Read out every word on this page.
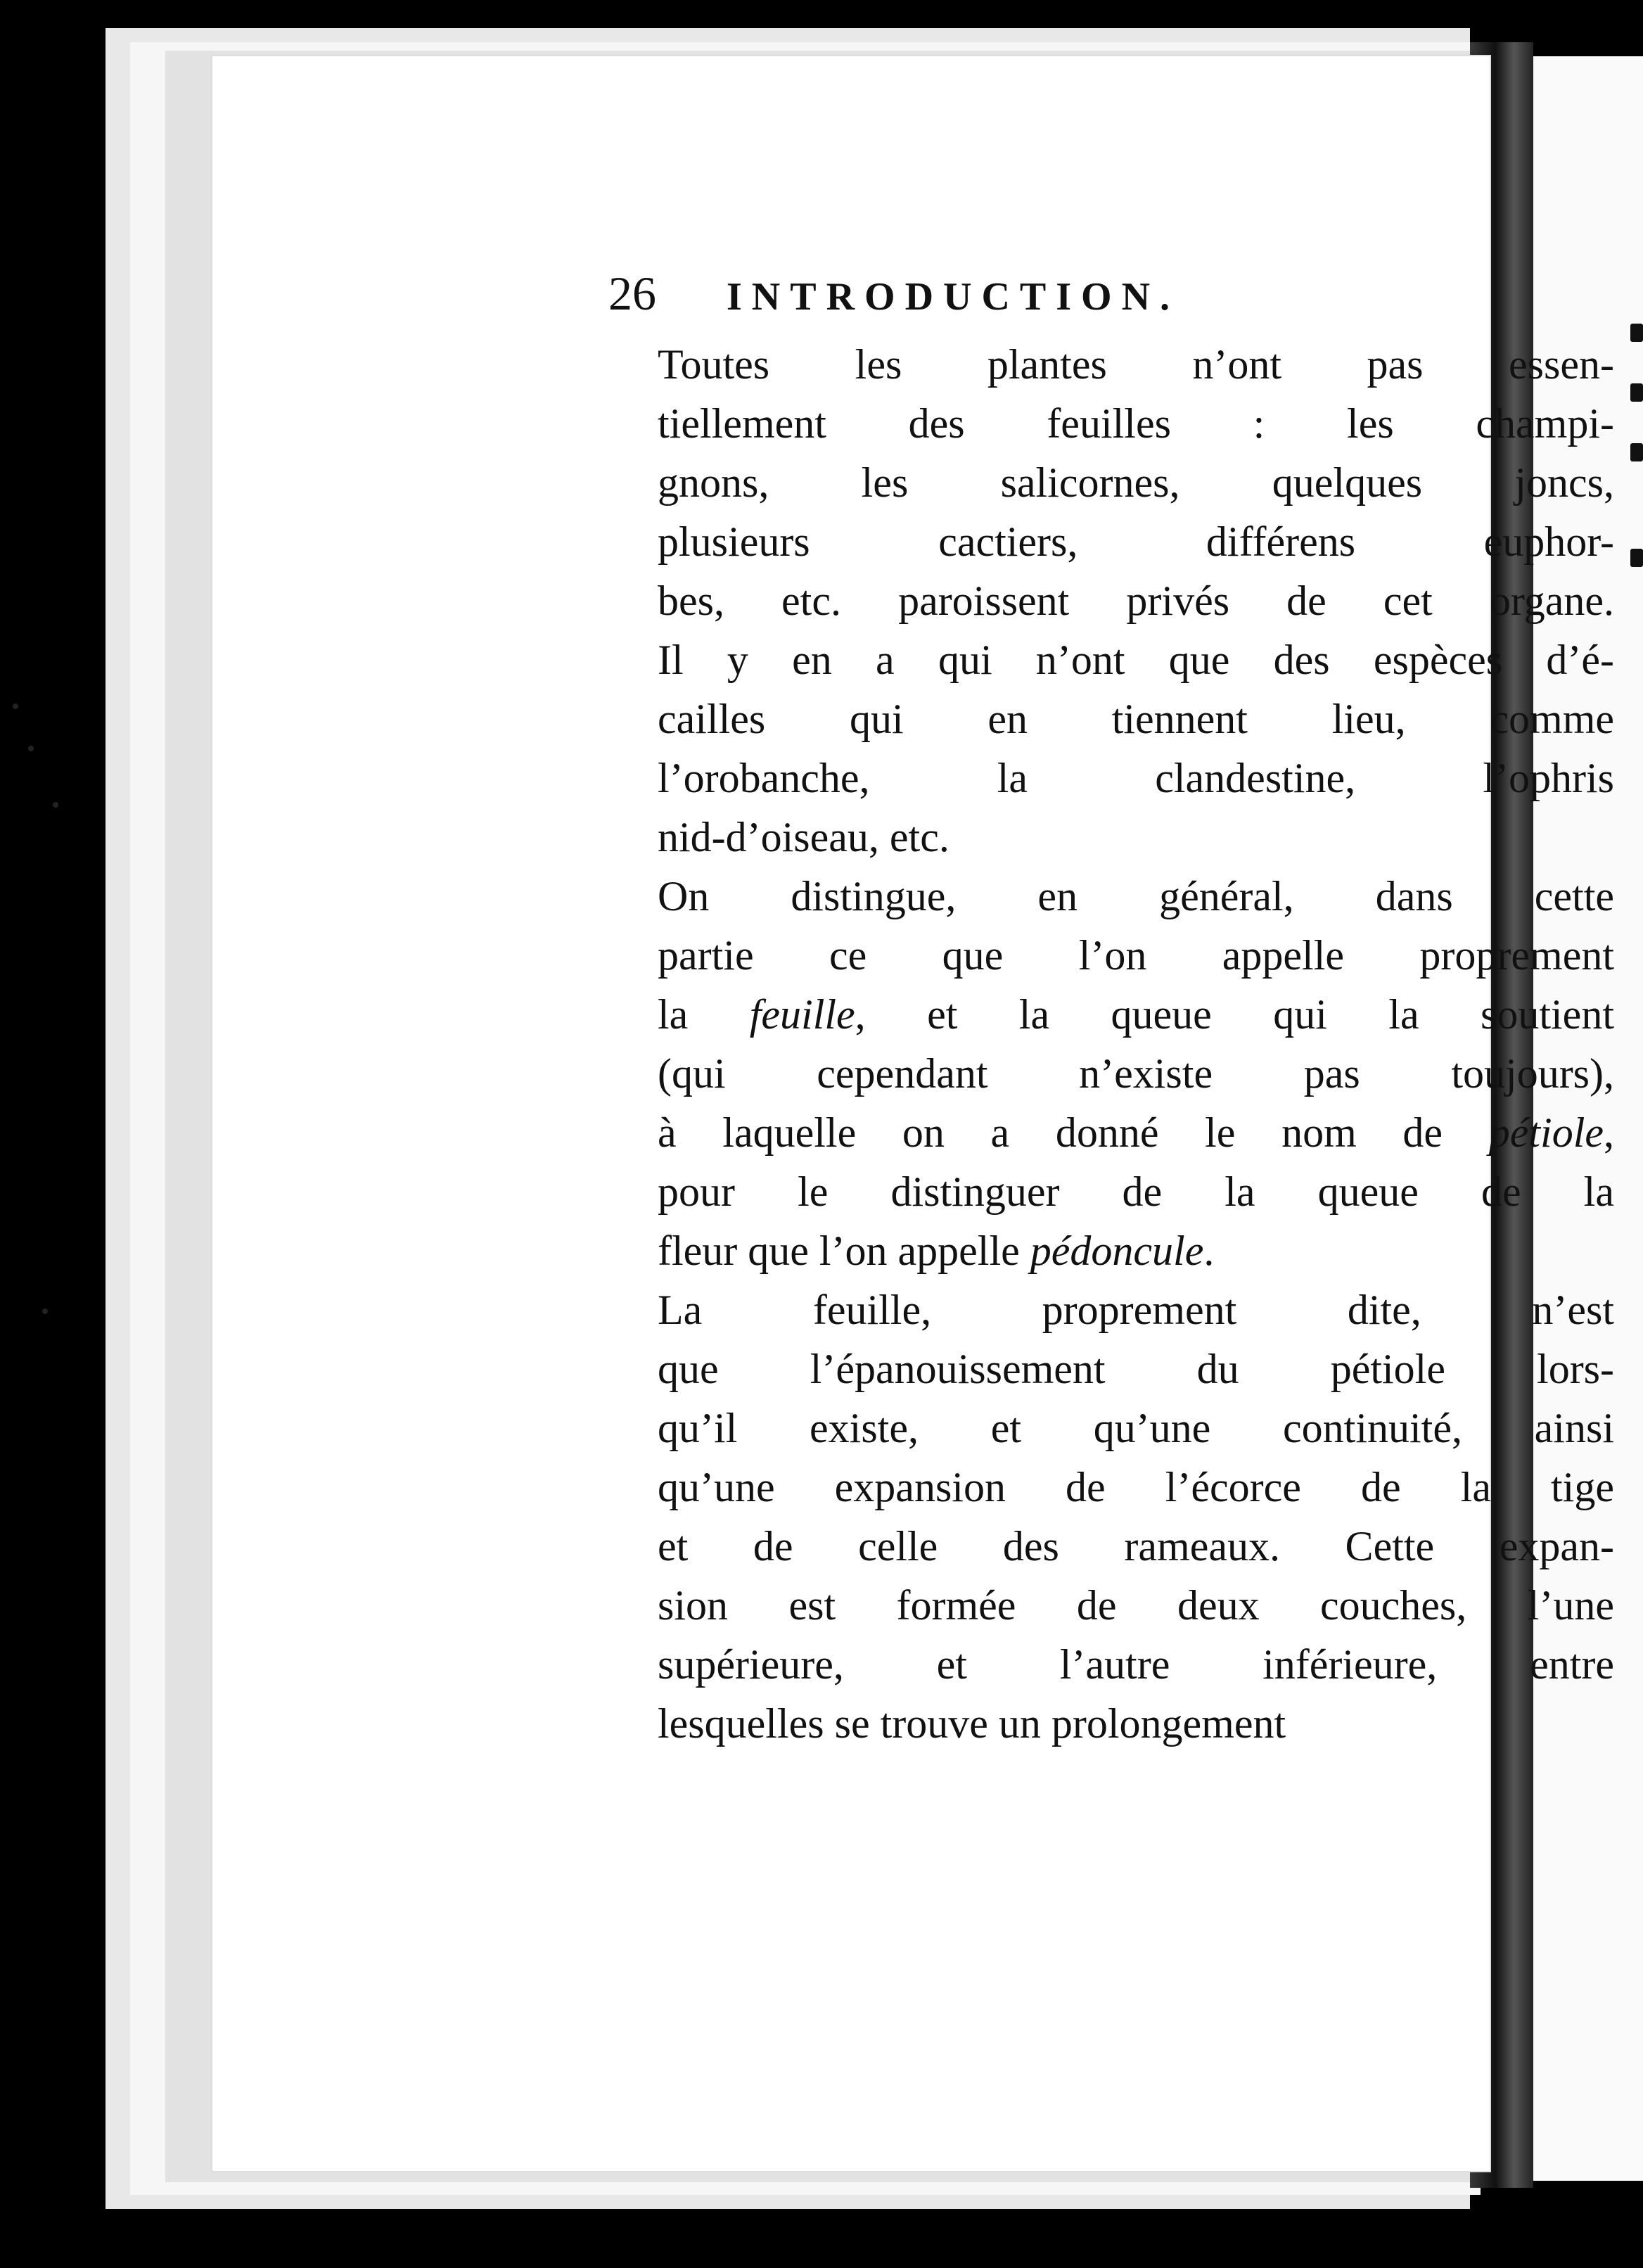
26 INTRODUCTION.

Toutes les plantes n’ont pas essen-
tiellement des feuilles : les champi-
gnons, les salicornes, quelques joncs,
plusieurs cactiers, différens euphor-
bes, etc. paroissent privés de cet organe.
Il y en a qui n’ont que des espèces d’é-
cailles qui en tiennent lieu, comme
l’orobanche, la clandestine, l’ophris
nid-d’oiseau, etc.

On distingue, en général, dans cette
partie ce que l’on appelle proprement
la feuille, et la queue qui la soutient
(qui cependant n’existe pas toujours),
à laquelle on a donné le nom de pétiole,
pour le distinguer de la queue de la
fleur que l’on appelle pédoncule.

La feuille, proprement dite, n’est
que l’épanouissement du pétiole lors-
qu’il existe, et qu’une continuité, ainsi
qu’une expansion de l’écorce de la tige
et de celle des rameaux. Cette expan-
sion est formée de deux couches, l’une
supérieure, et l’autre inférieure, entre
lesquelles se trouve un prolongement
